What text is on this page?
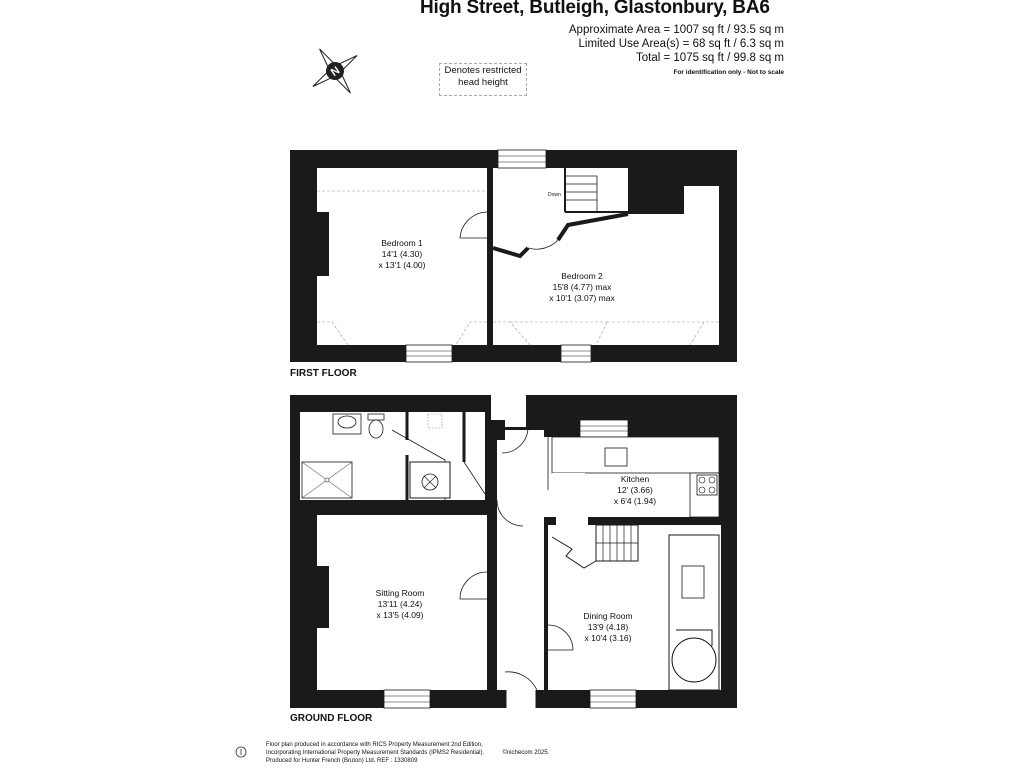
High Street, Butleigh, Glastonbury, BA6
Approximate Area = 1007 sq ft / 93.5 sq m
Limited Use Area(s) = 68 sq ft / 6.3 sq m
Total = 1075 sq ft / 99.8 sq m
For identification only - Not to scale
Denotes restricted
head height
N
Bedroom 1
14'1 (4.30)
x 13'1 (4.00)
Bedroom 2
15'8 (4.77) max
x 10'1 (3.07) max
Down
Kitchen
12' (3.66)
x 6'4 (1.94)
Sitting Room
13'11 (4.24)
x 13'5 (4.09)	Dining Room
13'9 (4.18)
x 10'4 (3.16)
FIRST FLOOR
GROUND FLOOR
Floor plan produced in accordance with RICS Property Measurement 2nd Edition,
Incorporating International Property Measurement Standards (IPMS2 Residential).	©nichecom 2025.
Produced for Hunter French (Bruton) Ltd. REF : 1330809
